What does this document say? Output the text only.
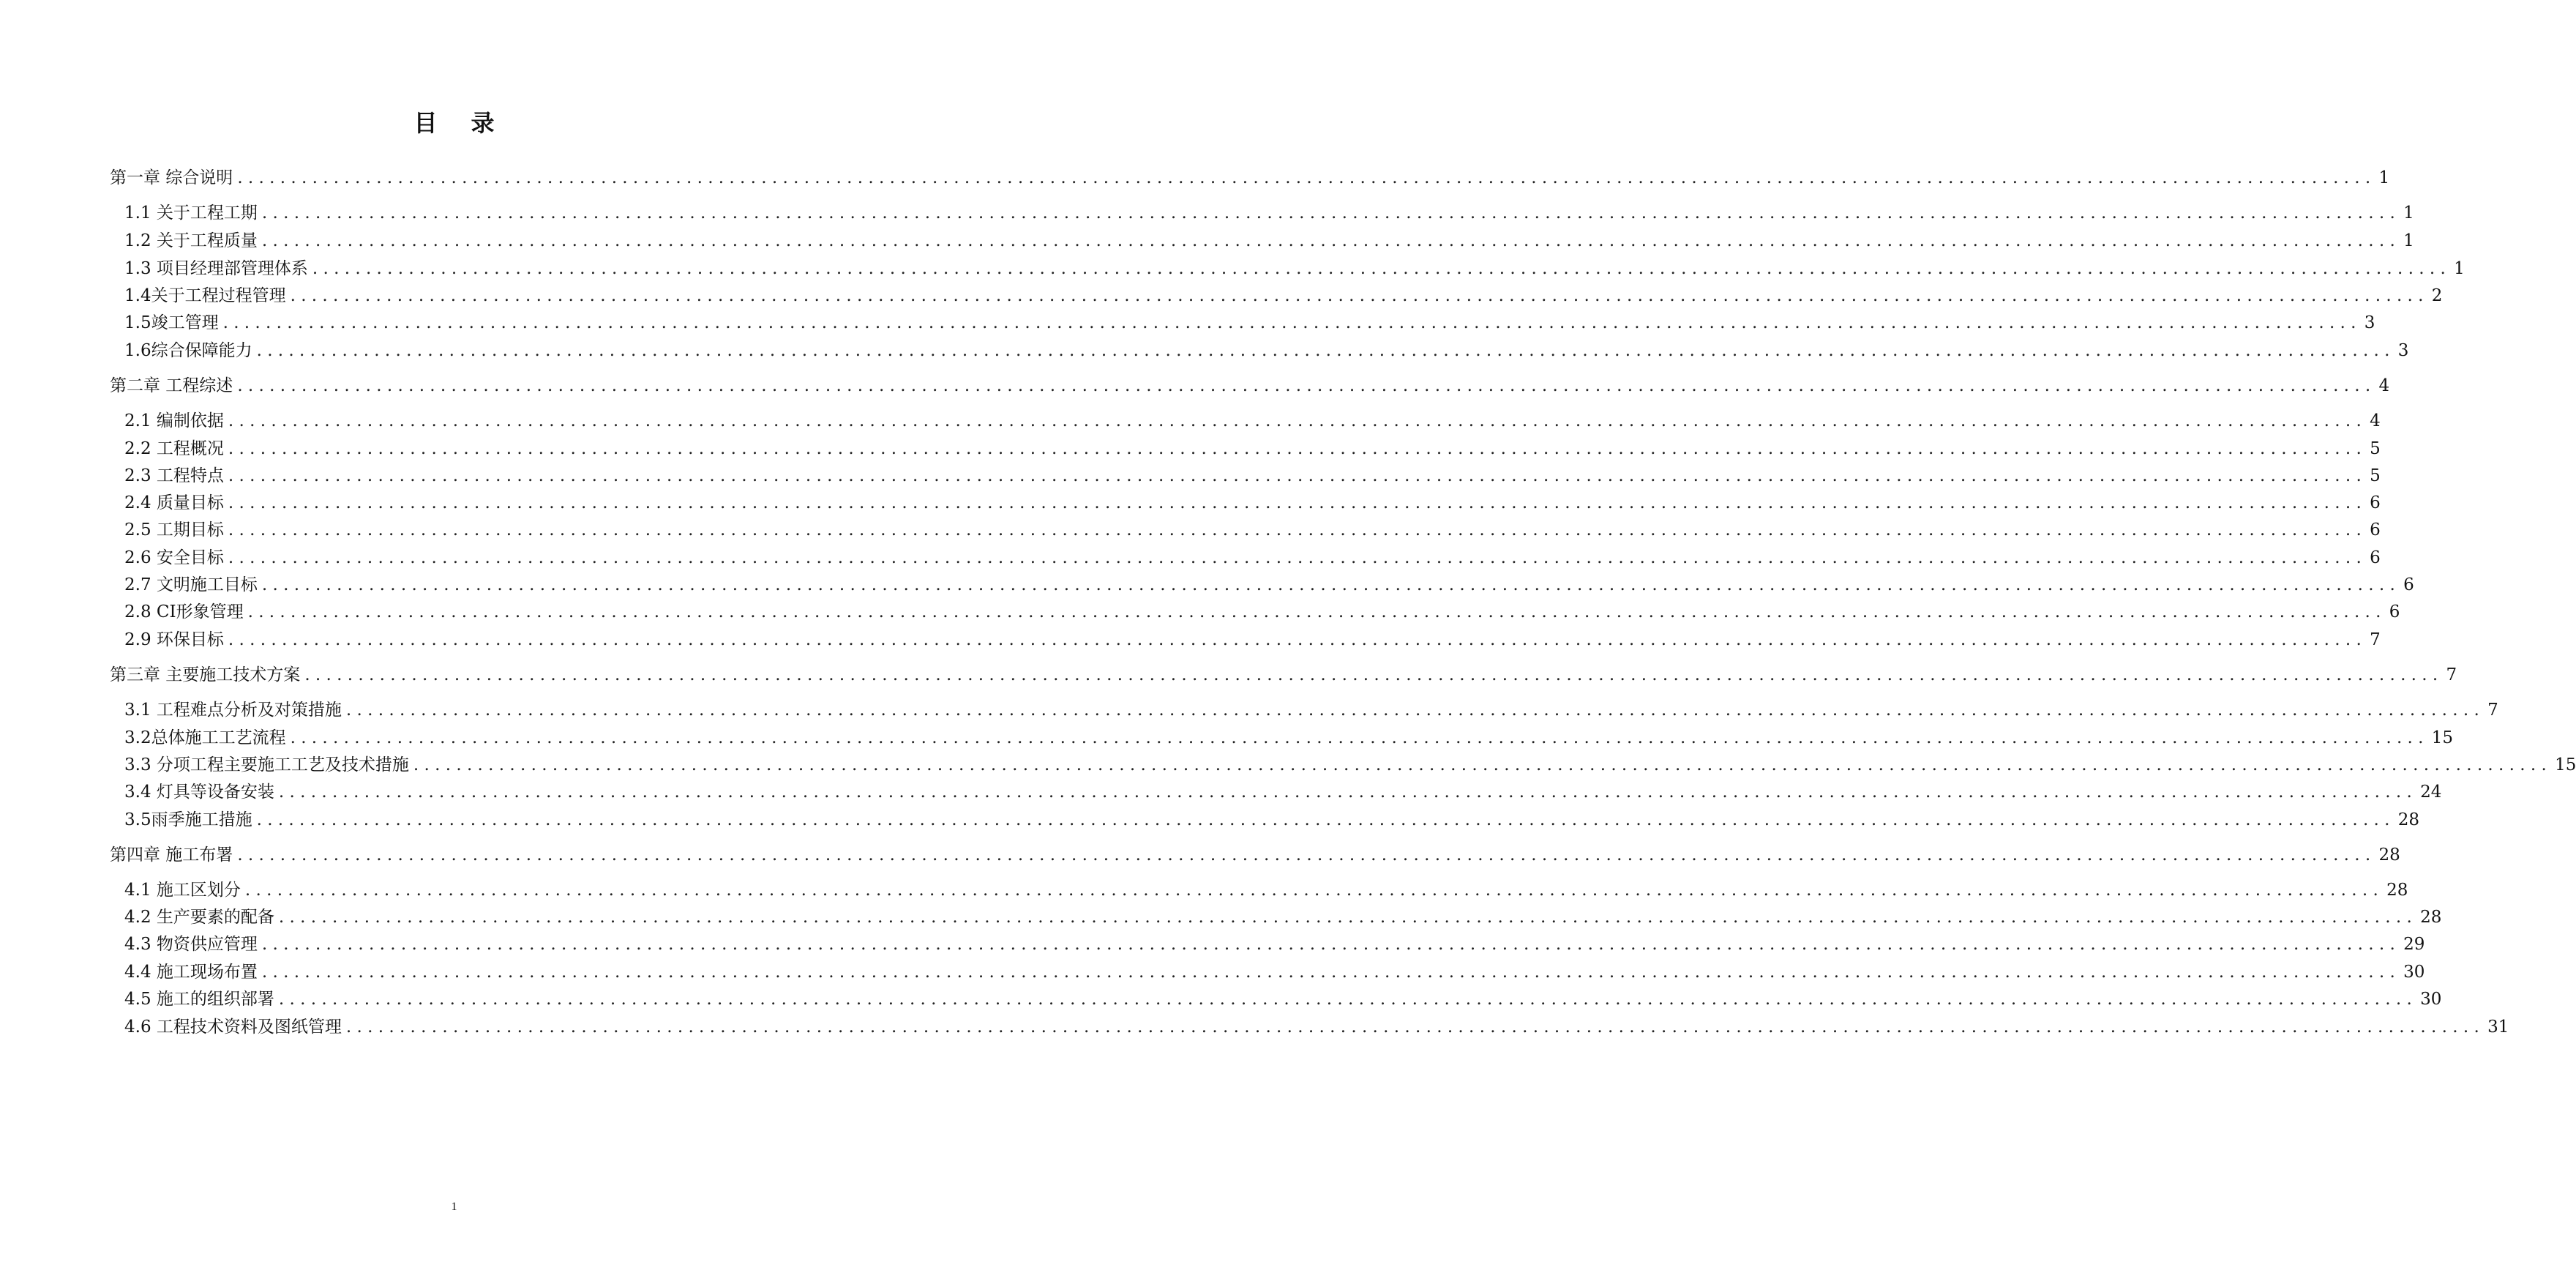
目录
第一章 综合说明 ........................................................................................................................................................................................................ 1
1.1 关于工程工期 ........................................................................................................................................................................................................ 1
1.2 关于工程质量 ........................................................................................................................................................................................................ 1
1.3 项目经理部管理体系 ........................................................................................................................................................................................................ 1
1.4关于工程过程管理 ........................................................................................................................................................................................................ 2
1.5竣工管理 ........................................................................................................................................................................................................ 3
1.6综合保障能力 ........................................................................................................................................................................................................ 3
第二章 工程综述 ........................................................................................................................................................................................................ 4
2.1 编制依据 ........................................................................................................................................................................................................ 4
2.2 工程概况 ........................................................................................................................................................................................................ 5
2.3 工程特点 ........................................................................................................................................................................................................ 5
2.4 质量目标 ........................................................................................................................................................................................................ 6
2.5 工期目标 ........................................................................................................................................................................................................ 6
2.6 安全目标 ........................................................................................................................................................................................................ 6
2.7 文明施工目标 ........................................................................................................................................................................................................ 6
2.8 CI形象管理 ........................................................................................................................................................................................................ 6
2.9 环保目标 ........................................................................................................................................................................................................ 7
第三章 主要施工技术方案 ........................................................................................................................................................................................................ 7
3.1 工程难点分析及对策措施 ........................................................................................................................................................................................................ 7
3.2总体施工工艺流程 ........................................................................................................................................................................................................ 15
3.3 分项工程主要施工工艺及技术措施 ........................................................................................................................................................................................................ 15
3.4 灯具等设备安装 ........................................................................................................................................................................................................ 24
3.5雨季施工措施 ........................................................................................................................................................................................................ 28
第四章 施工布署 ........................................................................................................................................................................................................ 28
4.1 施工区划分 ........................................................................................................................................................................................................ 28
4.2 生产要素的配备 ........................................................................................................................................................................................................ 28
4.3 物资供应管理 ........................................................................................................................................................................................................ 29
4.4 施工现场布置 ........................................................................................................................................................................................................ 30
4.5 施工的组织部署 ........................................................................................................................................................................................................ 30
4.6 工程技术资料及图纸管理 ........................................................................................................................................................................................................ 31
1
